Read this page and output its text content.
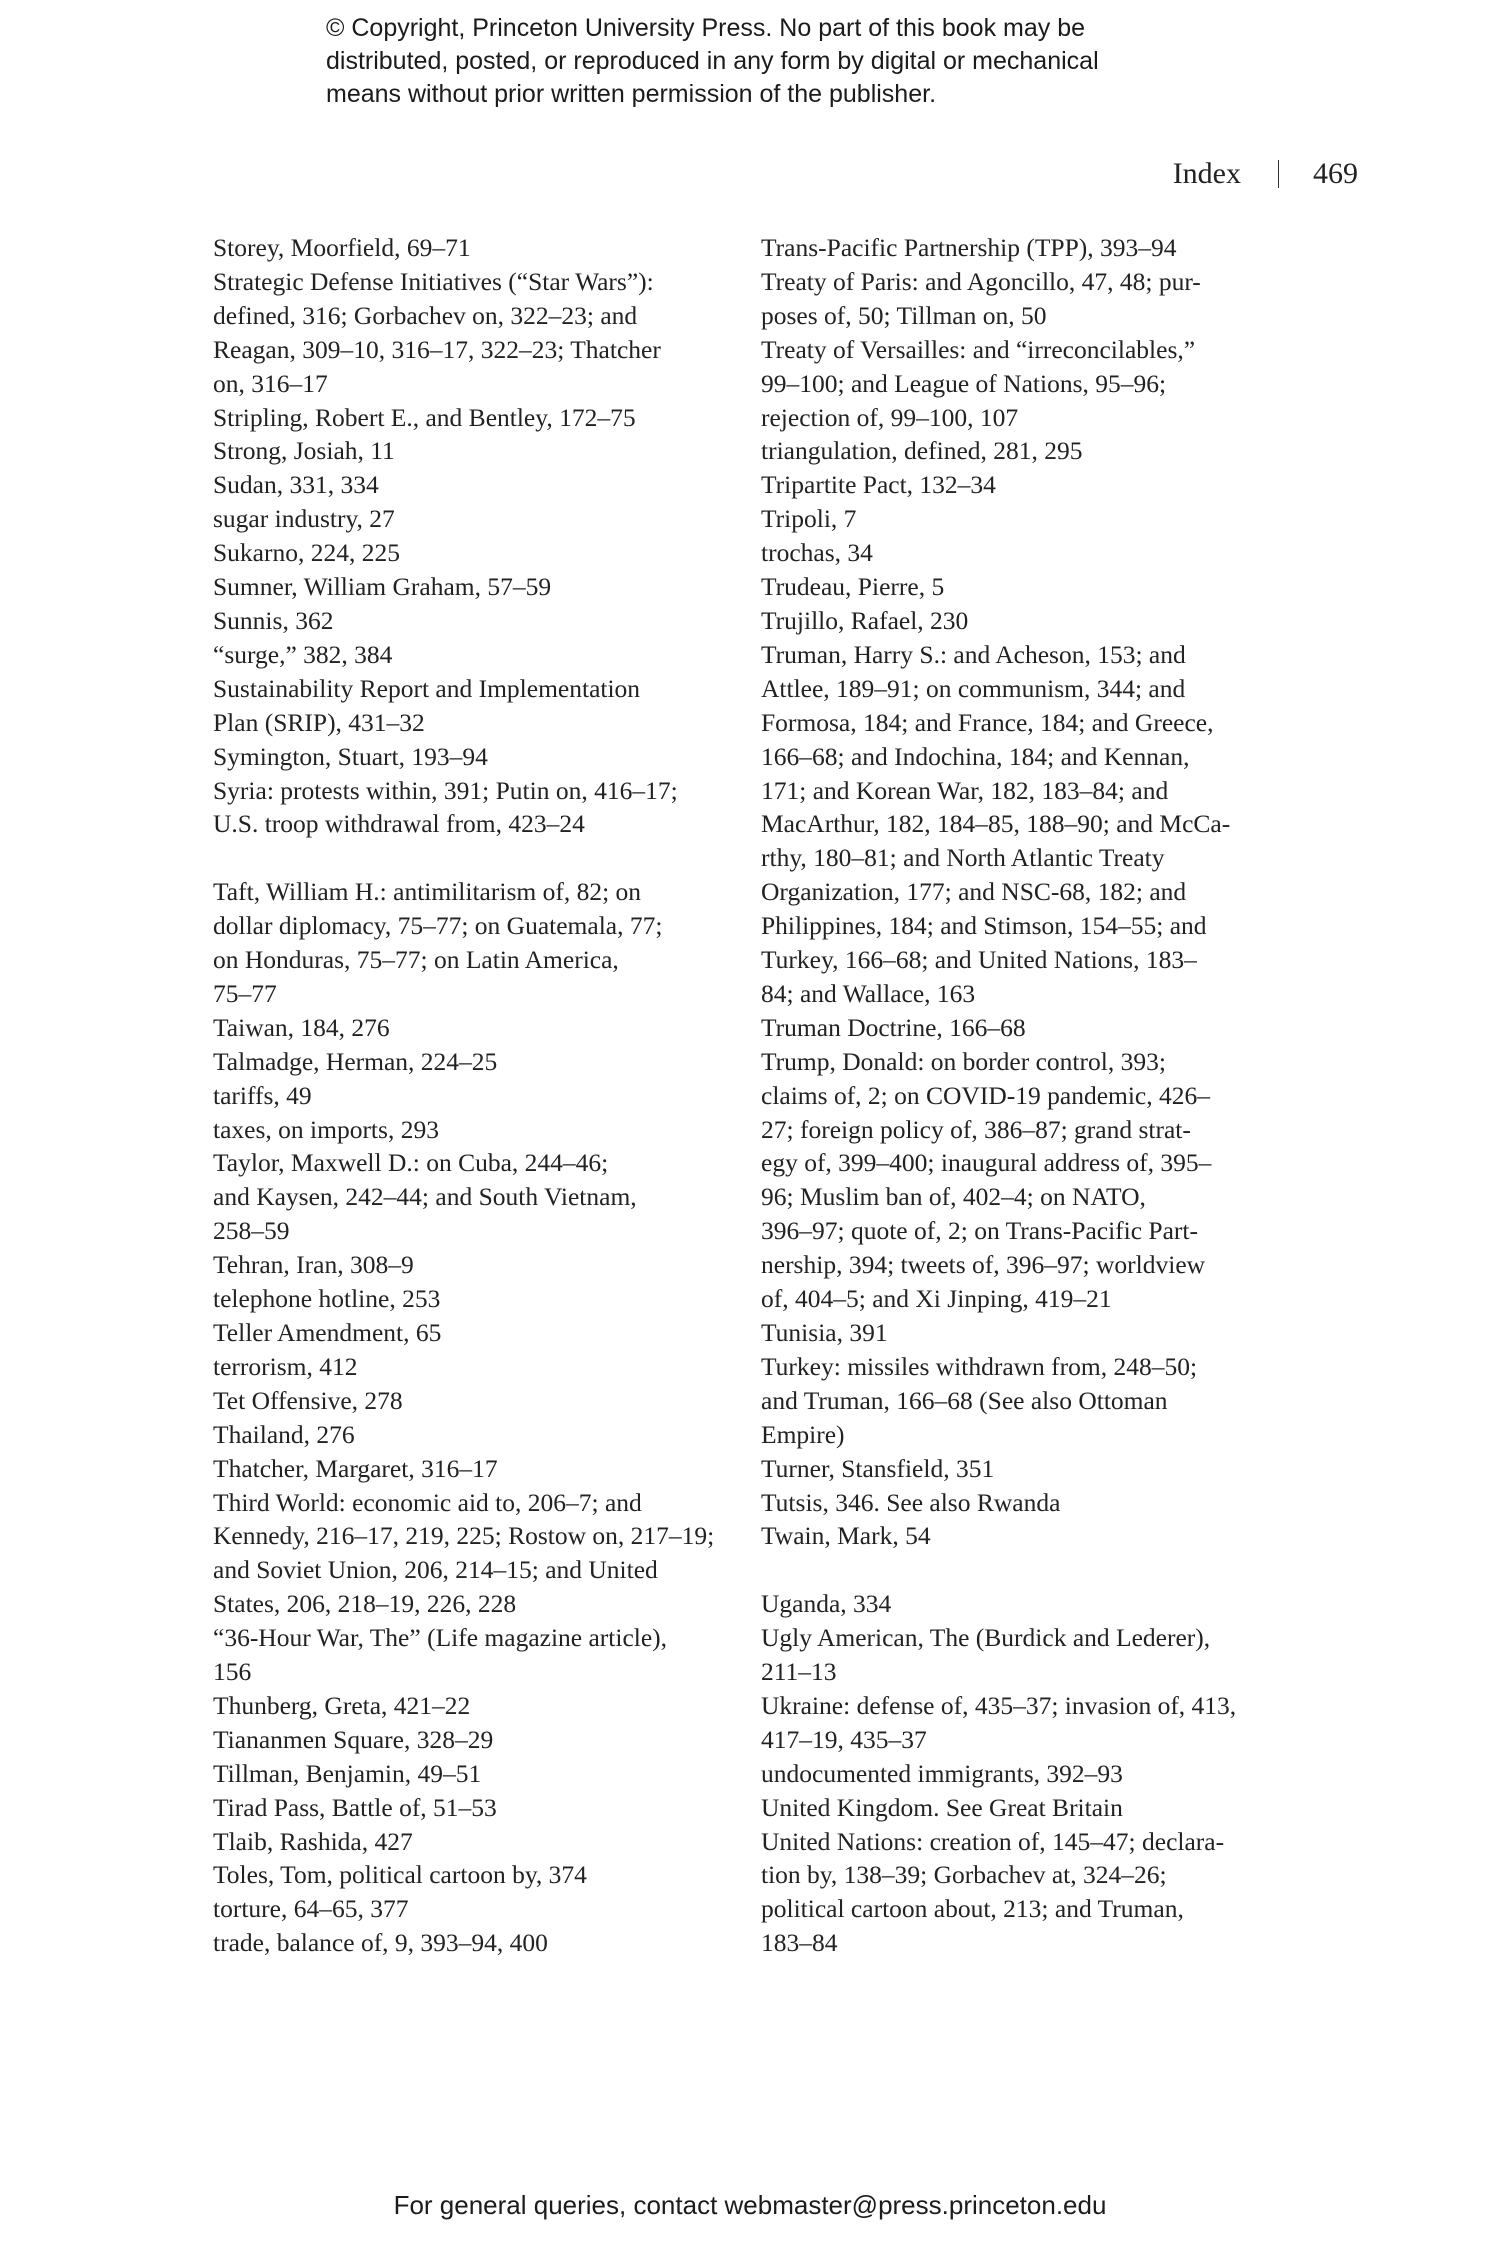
© Copyright, Princeton University Press. No part of this book may be
distributed, posted, or reproduced in any form by digital or mechanical
means without prior written permission of the publisher.
Index 469
Storey, Moorfield, 69–71
Strategic Defense Initiatives (“Star Wars”):
defined, 316; Gorbachev on, 322–23; and
Reagan, 309–10, 316–17, 322–23; Thatcher
on, 316–17
Stripling, Robert E., and Bentley, 172–75
Strong, Josiah, 11
Sudan, 331, 334
sugar industry, 27
Sukarno, 224, 225
Sumner, William Graham, 57–59
Sunnis, 362
“surge,” 382, 384
Sustainability Report and Implementation
Plan (SRIP), 431–32
Symington, Stuart, 193–94
Syria: protests within, 391; Putin on, 416–17;
U.S. troop withdrawal from, 423–24
Taft, William H.: antimilitarism of, 82; on
dollar diplomacy, 75–77; on Guatemala, 77;
on Honduras, 75–77; on Latin America,
75–77
Taiwan, 184, 276
Talmadge, Herman, 224–25
tariffs, 49
taxes, on imports, 293
Taylor, Maxwell D.: on Cuba, 244–46;
and Kaysen, 242–44; and South Vietnam,
258–59
Tehran, Iran, 308–9
telephone hotline, 253
Teller Amendment, 65
terrorism, 412
Tet Offensive, 278
Thailand, 276
Thatcher, Margaret, 316–17
Third World: economic aid to, 206–7; and
Kennedy, 216–17, 219, 225; Rostow on, 217–19;
and Soviet Union, 206, 214–15; and United
States, 206, 218–19, 226, 228
“36-Hour War, The” (Life magazine article),
156
Thunberg, Greta, 421–22
Tiananmen Square, 328–29
Tillman, Benjamin, 49–51
Tirad Pass, Battle of, 51–53
Tlaib, Rashida, 427
Toles, Tom, political cartoon by, 374
torture, 64–65, 377
trade, balance of, 9, 393–94, 400
Trans-Pacific Partnership (TPP), 393–94
Treaty of Paris: and Agoncillo, 47, 48; pur-
poses of, 50; Tillman on, 50
Treaty of Versailles: and “irreconcilables,”
99–100; and League of Nations, 95–96;
rejection of, 99–100, 107
triangulation, defined, 281, 295
Tripartite Pact, 132–34
Tripoli, 7
trochas, 34
Trudeau, Pierre, 5
Trujillo, Rafael, 230
Truman, Harry S.: and Acheson, 153; and
Attlee, 189–91; on communism, 344; and
Formosa, 184; and France, 184; and Greece,
166–68; and Indochina, 184; and Kennan,
171; and Korean War, 182, 183–84; and
MacArthur, 182, 184–85, 188–90; and McCa-
rthy, 180–81; and North Atlantic Treaty
Organization, 177; and NSC-68, 182; and
Philippines, 184; and Stimson, 154–55; and
Turkey, 166–68; and United Nations, 183–
84; and Wallace, 163
Truman Doctrine, 166–68
Trump, Donald: on border control, 393;
claims of, 2; on COVID-19 pandemic, 426–
27; foreign policy of, 386–87; grand strat-
egy of, 399–400; inaugural address of, 395–
96; Muslim ban of, 402–4; on NATO,
396–97; quote of, 2; on Trans-Pacific Part-
nership, 394; tweets of, 396–97; worldview
of, 404–5; and Xi Jinping, 419–21
Tunisia, 391
Turkey: missiles withdrawn from, 248–50;
and Truman, 166–68 (See also Ottoman
Empire)
Turner, Stansfield, 351
Tutsis, 346. See also Rwanda
Twain, Mark, 54
Uganda, 334
Ugly American, The (Burdick and Lederer),
211–13
Ukraine: defense of, 435–37; invasion of, 413,
417–19, 435–37
undocumented immigrants, 392–93
United Kingdom. See Great Britain
United Nations: creation of, 145–47; declara-
tion by, 138–39; Gorbachev at, 324–26;
political cartoon about, 213; and Truman,
183–84
For general queries, contact webmaster@press.princeton.edu
